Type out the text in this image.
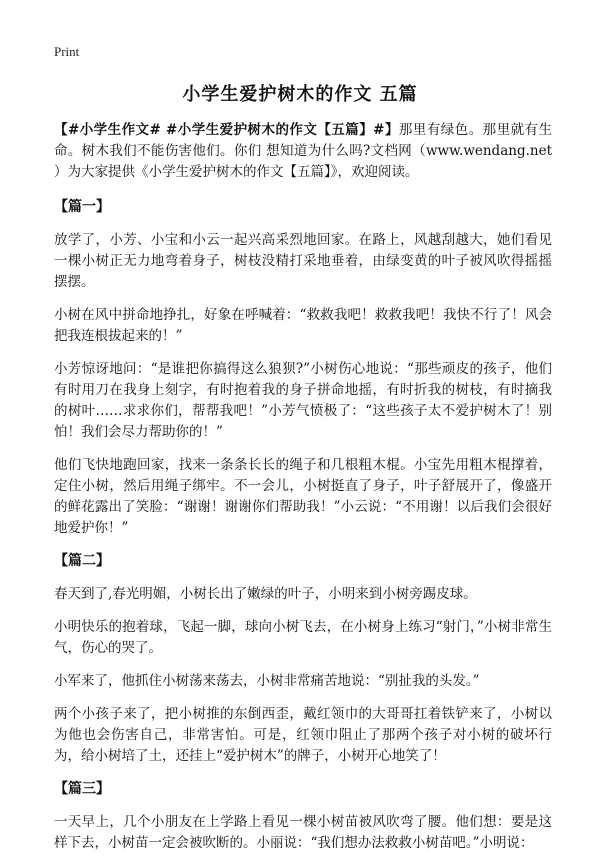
Print
小学生爱护树木的作文 五篇

【#小学生作文# #小学生爱护树木的作文【五篇】#】那里有绿色。那里就有生命。树木我们不能伤害他们。你们 想知道为什么吗?文档网（www.wendang.net ）为大家提供《小学生爱护树木的作文【五篇】》，欢迎阅读。

【篇一】

放学了，小芳、小宝和小云一起兴高采烈地回家。在路上，风越刮越大，她们看见一棵小树正无力地弯着身子，树枝没精打采地垂着，由绿变黄的叶子被风吹得摇摇摆摆。

小树在风中拼命地挣扎，好象在呼喊着：“救救我吧！救救我吧！我快不行了！风会把我连根拔起来的！”

小芳惊讶地问：“是谁把你搞得这么狼狈?”小树伤心地说：“那些顽皮的孩子，他们有时用刀在我身上刻字，有时抱着我的身子拼命地摇，有时折我的树枝，有时摘我的树叶……求求你们，帮帮我吧！”小芳气愤极了：“这些孩子太不爱护树木了！别怕！我们会尽力帮助你的！”

他们飞快地跑回家，找来一条条长长的绳子和几根粗木棍。小宝先用粗木棍撑着，定住小树，然后用绳子绑牢。不一会儿，小树挺直了身子，叶子舒展开了，像盛开的鲜花露出了笑脸：“谢谢！谢谢你们帮助我！”小云说：“不用谢！以后我们会很好地爱护你！”

【篇二】

春天到了,春光明媚，小树长出了嫩绿的叶子，小明来到小树旁踢皮球。

小明快乐的抱着球，飞起一脚，球向小树飞去，在小树身上练习“射门，”小树非常生气，伤心的哭了。

小军来了，他抓住小树荡来荡去，小树非常痛苦地说：“别扯我的头发。”

两个小孩子来了，把小树推的东倒西歪，戴红领巾的大哥哥扛着铁铲来了，小树以为他也会伤害自己，非常害怕。可是，红领巾阻止了那两个孩子对小树的破坏行为，给小树培了土，还挂上“爱护树木”的牌子，小树开心地笑了！

【篇三】

一天早上，几个小朋友在上学路上看见一棵小树苗被风吹弯了腰。他们想：要是这样下去，小树苗一定会被吹断的。小丽说：“我们想办法救救小树苗吧。”小明说：
